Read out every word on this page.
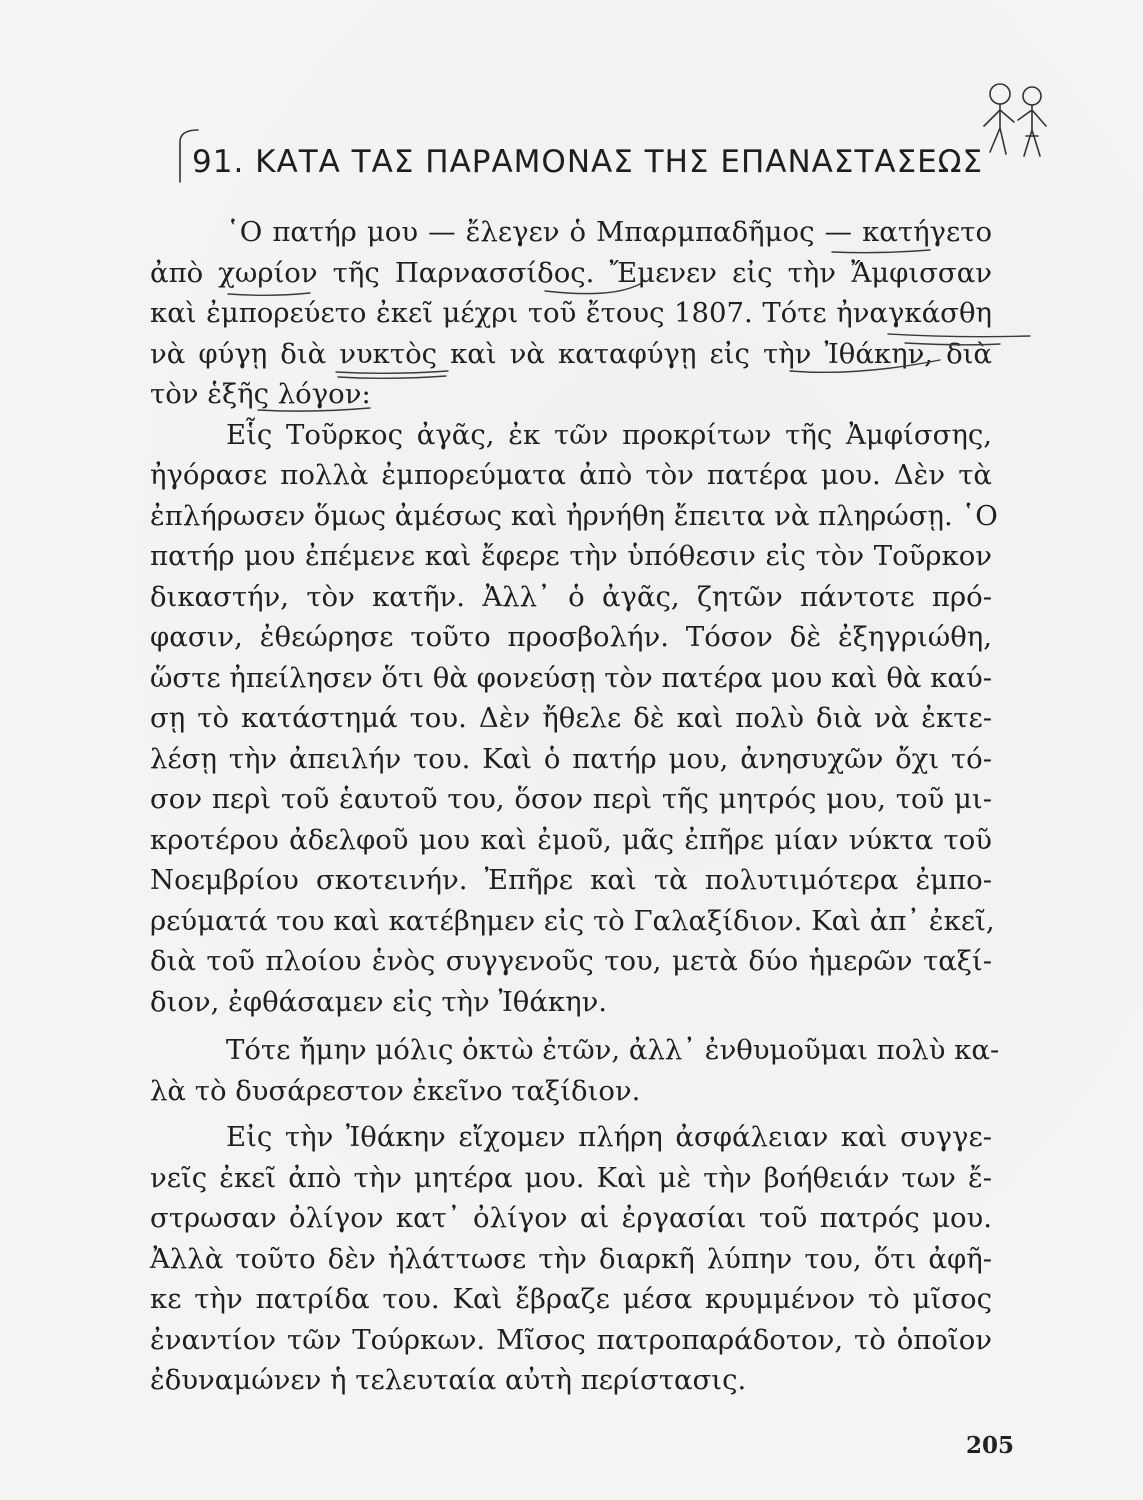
91. ΚΑΤΑ ΤΑΣ ΠΑΡΑΜΟΝΑΣ ΤΗΣ ΕΠΑΝΑΣΤΑΣΕΩΣ
῾Ο πατήρ μου — ἔλεγεν ὁ Μπαρμπαδῆμος — κατήγετο
ἀπὸ χωρίον τῆς Παρνασσίδος. Ἔμενεν εἰς τὴν Ἄμφισσαν
καὶ ἐμπορεύετο ἐκεῖ μέχρι τοῦ ἔτους 1807. Τότε ἠναγκάσθη
νὰ φύγῃ διὰ νυκτὸς καὶ νὰ καταφύγῃ εἰς τὴν Ἰθάκην, διὰ
τὸν ἑξῆς λόγον:
Εἷς Τοῦρκος ἀγᾶς, ἐκ τῶν προκρίτων τῆς Ἀμφίσσης,
ἠγόρασε πολλὰ ἐμπορεύματα ἀπὸ τὸν πατέρα μου. Δὲν τὰ
ἐπλήρωσεν ὅμως ἀμέσως καὶ ἠρνήθη ἔπειτα νὰ πληρώσῃ. ῾Ο
πατήρ μου ἐπέμενε καὶ ἔφερε τὴν ὑπόθεσιν εἰς τὸν Τοῦρκον
δικαστήν, τὸν κατῆν. Ἀλλ᾽ ὁ ἀγᾶς, ζητῶν πάντοτε πρό-
φασιν, ἐθεώρησε τοῦτο προσβολήν. Τόσον δὲ ἐξηγριώθη,
ὥστε ἠπείλησεν ὅτι θὰ φονεύσῃ τὸν πατέρα μου καὶ θὰ καύ-
σῃ τὸ κατάστημά του. Δὲν ἤθελε δὲ καὶ πολὺ διὰ νὰ ἐκτε-
λέσῃ τὴν ἀπειλήν του. Καὶ ὁ πατήρ μου, ἀνησυχῶν ὄχι τό-
σον περὶ τοῦ ἑαυτοῦ του, ὅσον περὶ τῆς μητρός μου, τοῦ μι-
κροτέρου ἀδελφοῦ μου καὶ ἐμοῦ, μᾶς ἐπῆρε μίαν νύκτα τοῦ
Νοεμβρίου σκοτεινήν. Ἐπῆρε καὶ τὰ πολυτιμότερα ἐμπο-
ρεύματά του καὶ κατέβημεν εἰς τὸ Γαλαξίδιον. Καὶ ἀπ᾽ ἐκεῖ,
διὰ τοῦ πλοίου ἑνὸς συγγενοῦς του, μετὰ δύο ἡμερῶν ταξί-
διον, ἐφθάσαμεν εἰς τὴν Ἰθάκην.
Τότε ἤμην μόλις ὀκτὼ ἐτῶν, ἀλλ᾽ ἐνθυμοῦμαι πολὺ κα-
λὰ τὸ δυσάρεστον ἐκεῖνο ταξίδιον.
Εἰς τὴν Ἰθάκην εἴχομεν πλήρη ἀσφάλειαν καὶ συγγε-
νεῖς ἐκεῖ ἀπὸ τὴν μητέρα μου. Καὶ μὲ τὴν βοήθειάν των ἔ-
στρωσαν ὀλίγον κατ᾽ ὀλίγον αἱ ἐργασίαι τοῦ πατρός μου.
Ἀλλὰ τοῦτο δὲν ἠλάττωσε τὴν διαρκῆ λύπην του, ὅτι ἀφῆ-
κε τὴν πατρίδα του. Καὶ ἔβραζε μέσα κρυμμένον τὸ μῖσος
ἐναντίον τῶν Τούρκων. Μῖσος πατροπαράδοτον, τὸ ὁποῖον
ἐδυναμώνεν ἡ τελευταία αὐτὴ περίστασις.
205
